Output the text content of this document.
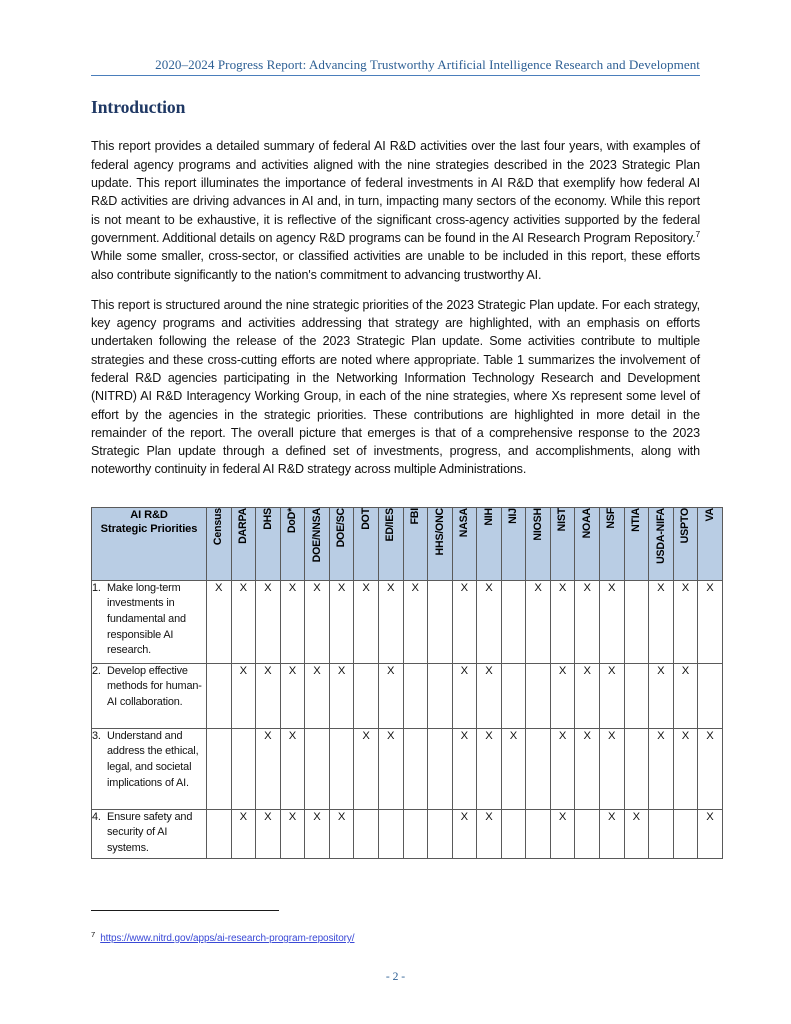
2020–2024 Progress Report: Advancing Trustworthy Artificial Intelligence Research and Development
Introduction

This report provides a detailed summary of federal AI R&D activities over the last four years, with examples of federal agency programs and activities aligned with the nine strategies described in the 2023 Strategic Plan update. This report illuminates the importance of federal investments in AI R&D that exemplify how federal AI R&D activities are driving advances in AI and, in turn, impacting many sectors of the economy. While this report is not meant to be exhaustive, it is reflective of the significant cross-agency activities supported by the federal government. Additional details on agency R&D programs can be found in the AI Research Program Repository.$^7$ While some smaller, cross-sector, or classified activities are unable to be included in this report, these efforts also contribute significantly to the nation's commitment to advancing trustworthy AI.

This report is structured around the nine strategic priorities of the 2023 Strategic Plan update. For each strategy, key agency programs and activities addressing that strategy are highlighted, with an emphasis on efforts undertaken following the release of the 2023 Strategic Plan update. Some activities contribute to multiple strategies and these cross-cutting efforts are noted where appropriate. Table 1 summarizes the involvement of federal R&D agencies participating in the Networking Information Technology Research and Development (NITRD) AI R&D Interagency Working Group, in each of the nine strategies, where Xs represent some level of effort by the agencies in the strategic priorities. These contributions are highlighted in more detail in the remainder of the report. The overall picture that emerges is that of a comprehensive response to the 2023 Strategic Plan update through a defined set of investments, progress, and accomplishments, along with noteworthy continuity in federal AI R&D strategy across multiple Administrations.

AI R&D
Strategic Priorities	Census	DARPA	DHS	DoD*	DOE/NNSA	DOE/SC	DOT	ED/IES	FBI	HHS/ONC	NASA	NIH	NIJ	NIOSH	NIST	NOAA	NSF	NTIA	USDA-NIFA	USPTO	VA

1. Make long-term investments in fundamental and responsible AI research.	X	X	X	X	X	X	X	X	X		X	X		X	X	X	X		X	X	X
2. Develop effective methods for human-AI collaboration.		X	X	X	X	X		X			X	X			X	X	X		X	X	
3. Understand and address the ethical, legal, and societal implications of AI.			X	X			X	X			X	X	X		X	X	X		X	X	X
4. Ensure safety and security of AI systems.		X	X	X	X	X					X	X			X		X	X			X
$^7$ https://www.nitrd.gov/apps/ai-research-program-repository/
- 2 -
